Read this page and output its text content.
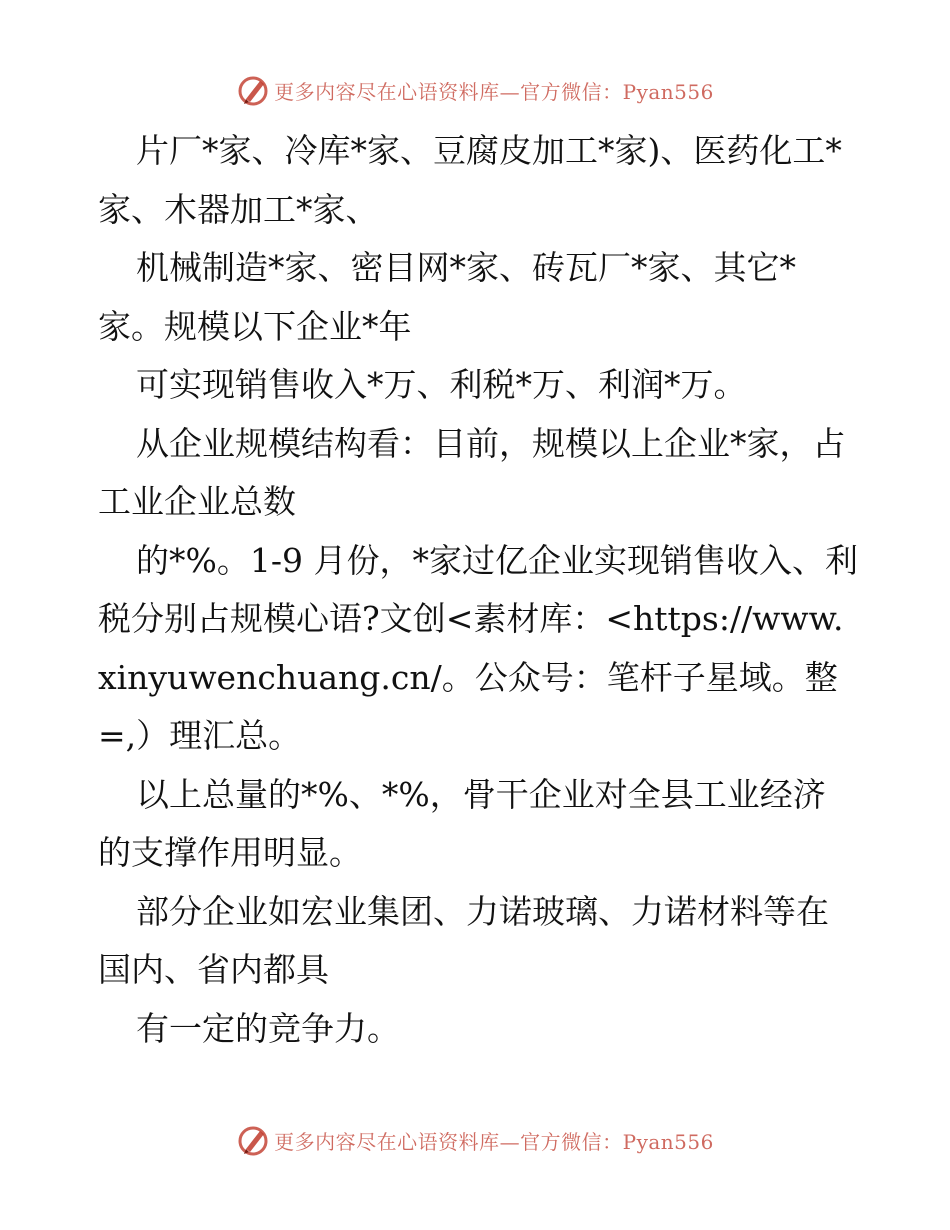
更多内容尽在心语资料库—官方微信：Pyan556

片厂*家、冷库*家、豆腐皮加工*家)、医药化工*家、木器加工*家、

机械制造*家、密目网*家、砖瓦厂*家、其它*家。规模以下企业*年

可实现销售收入*万、利税*万、利润*万。

从企业规模结构看：目前，规模以上企业*家，占工业企业总数

的*%。1-9 月份，*家过亿企业实现销售收入、利税分别占规模心语?文创<素材库：<https://www.xinyuwenchuang.cn/。公众号：笔杆子星域。整=,）理汇总。

以上总量的*%、*%，骨干企业对全县工业经济的支撑作用明显。

部分企业如宏业集团、力诺玻璃、力诺材料等在国内、省内都具

有一定的竞争力。

更多内容尽在心语资料库—官方微信：Pyan556
